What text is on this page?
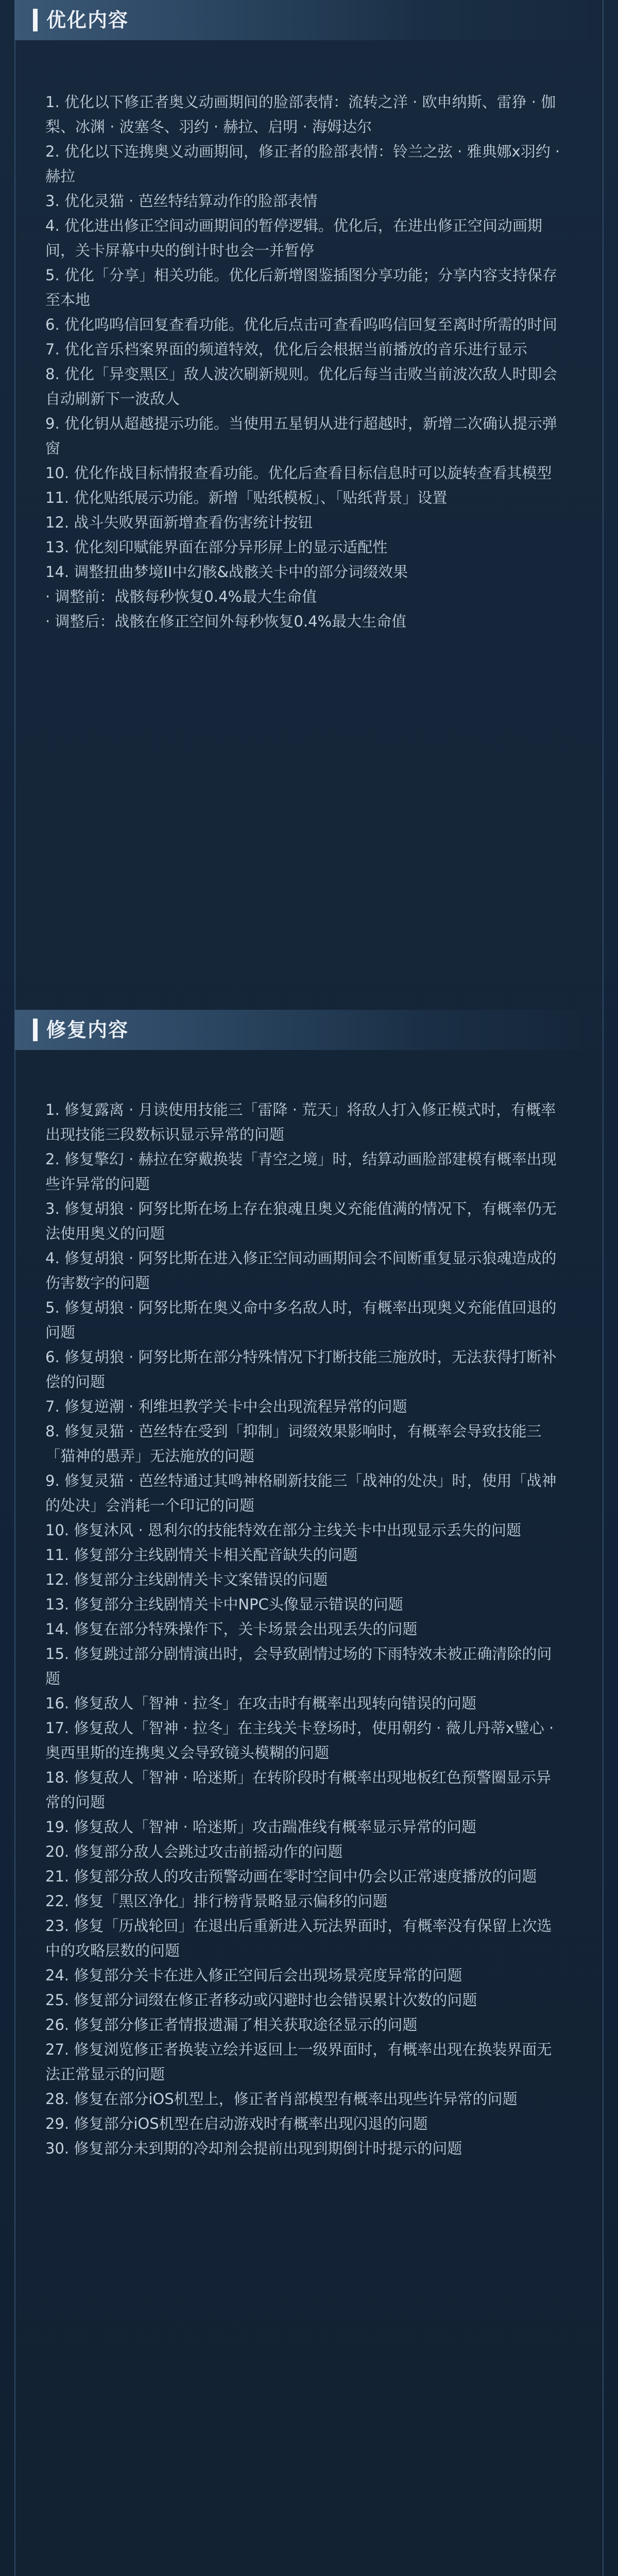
优化内容
1. 优化以下修正者奥义动画期间的脸部表情：流转之洋 · 欧申纳斯、雷狰 · 伽梨、冰渊 · 波塞冬、羽约 · 赫拉、启明 · 海姆达尔
2. 优化以下连携奥义动画期间，修正者的脸部表情：铃兰之弦 · 雅典娜x羽约 · 赫拉
3. 优化灵猫 · 芭丝特结算动作的脸部表情
4. 优化进出修正空间动画期间的暂停逻辑。优化后，在进出修正空间动画期间，关卡屏幕中央的倒计时也会一并暂停
5. 优化「分享」相关功能。优化后新增图鉴插图分享功能；分享内容支持保存至本地
6. 优化呜呜信回复查看功能。优化后点击可查看呜呜信回复至离时所需的时间
7. 优化音乐档案界面的频道特效，优化后会根据当前播放的音乐进行显示
8. 优化「异变黑区」敌人波次刷新规则。优化后每当击败当前波次敌人时即会自动刷新下一波敌人
9. 优化钥从超越提示功能。当使用五星钥从进行超越时，新增二次确认提示弹窗
10. 优化作战目标情报查看功能。优化后查看目标信息时可以旋转查看其模型
11. 优化贴纸展示功能。新增「贴纸模板」、「贴纸背景」设置
12. 战斗失败界面新增查看伤害统计按钮
13. 优化刻印赋能界面在部分异形屏上的显示适配性
14. 调整扭曲梦境II中幻骸&战骸关卡中的部分词缀效果
· 调整前：战骸每秒恢复0.4%最大生命值
· 调整后：战骸在修正空间外每秒恢复0.4%最大生命值
修复内容
1. 修复露离 · 月读使用技能三「雷降 · 荒天」将敌人打入修正模式时，有概率出现技能三段数标识显示异常的问题
2. 修复擎幻 · 赫拉在穿戴换装「青空之境」时，结算动画脸部建模有概率出现些许异常的问题
3. 修复胡狼 · 阿努比斯在场上存在狼魂且奥义充能值满的情况下，有概率仍无法使用奥义的问题
4. 修复胡狼 · 阿努比斯在进入修正空间动画期间会不间断重复显示狼魂造成的伤害数字的问题
5. 修复胡狼 · 阿努比斯在奥义命中多名敌人时，有概率出现奥义充能值回退的问题
6. 修复胡狼 · 阿努比斯在部分特殊情况下打断技能三施放时，无法获得打断补偿的问题
7. 修复逆潮 · 利维坦教学关卡中会出现流程异常的问题
8. 修复灵猫 · 芭丝特在受到「抑制」词缀效果影响时，有概率会导致技能三「猫神的愚弄」无法施放的问题
9. 修复灵猫 · 芭丝特通过其鸣神格刷新技能三「战神的处决」时，使用「战神的处决」会消耗一个印记的问题
10. 修复沐风 · 恩利尔的技能特效在部分主线关卡中出现显示丢失的问题
11. 修复部分主线剧情关卡相关配音缺失的问题
12. 修复部分主线剧情关卡文案错误的问题
13. 修复部分主线剧情关卡中NPC头像显示错误的问题
14. 修复在部分特殊操作下，关卡场景会出现丢失的问题
15. 修复跳过部分剧情演出时，会导致剧情过场的下雨特效未被正确清除的问题
16. 修复敌人「智神 · 拉冬」在攻击时有概率出现转向错误的问题
17. 修复敌人「智神 · 拉冬」在主线关卡登场时，使用朝约 · 薇儿丹蒂x璧心 · 奥西里斯的连携奥义会导致镜头模糊的问题
18. 修复敌人「智神 · 哈迷斯」在转阶段时有概率出现地板红色预警圈显示异常的问题
19. 修复敌人「智神 · 哈迷斯」攻击踹准线有概率显示异常的问题
20. 修复部分敌人会跳过攻击前摇动作的问题
21. 修复部分敌人的攻击预警动画在零时空间中仍会以正常速度播放的问题
22. 修复「黑区净化」排行榜背景略显示偏移的问题
23. 修复「历战轮回」在退出后重新进入玩法界面时，有概率没有保留上次选中的攻略层数的问题
24. 修复部分关卡在进入修正空间后会出现场景亮度异常的问题
25. 修复部分词缀在修正者移动或闪避时也会错误累计次数的问题
26. 修复部分修正者情报遗漏了相关获取途径显示的问题
27. 修复浏览修正者换装立绘并返回上一级界面时，有概率出现在换装界面无法正常显示的问题
28. 修复在部分iOS机型上，修正者肖部模型有概率出现些许异常的问题
29. 修复部分iOS机型在启动游戏时有概率出现闪退的问题
30. 修复部分未到期的冷却剂会提前出现到期倒计时提示的问题
